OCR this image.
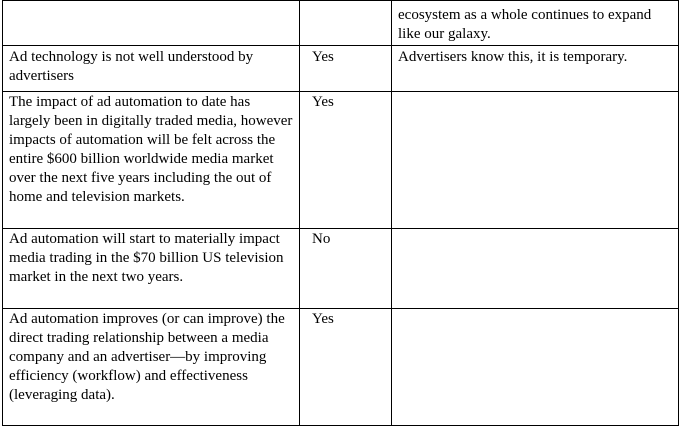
		ecosystem as a whole continues to expand like our galaxy.
Ad technology is not well understood by advertisers	Yes	Advertisers know this, it is temporary.
The impact of ad automation to date has largely been in digitally traded media, however impacts of automation will be felt across the entire $600 billion worldwide media market over the next five years including the out of home and television markets.	Yes	
Ad automation will start to materially impact media trading in the $70 billion US television market in the next two years.	No	
Ad automation improves (or can improve) the direct trading relationship between a media company and an advertiser—by improving efficiency (workflow) and effectiveness (leveraging data).	Yes	
